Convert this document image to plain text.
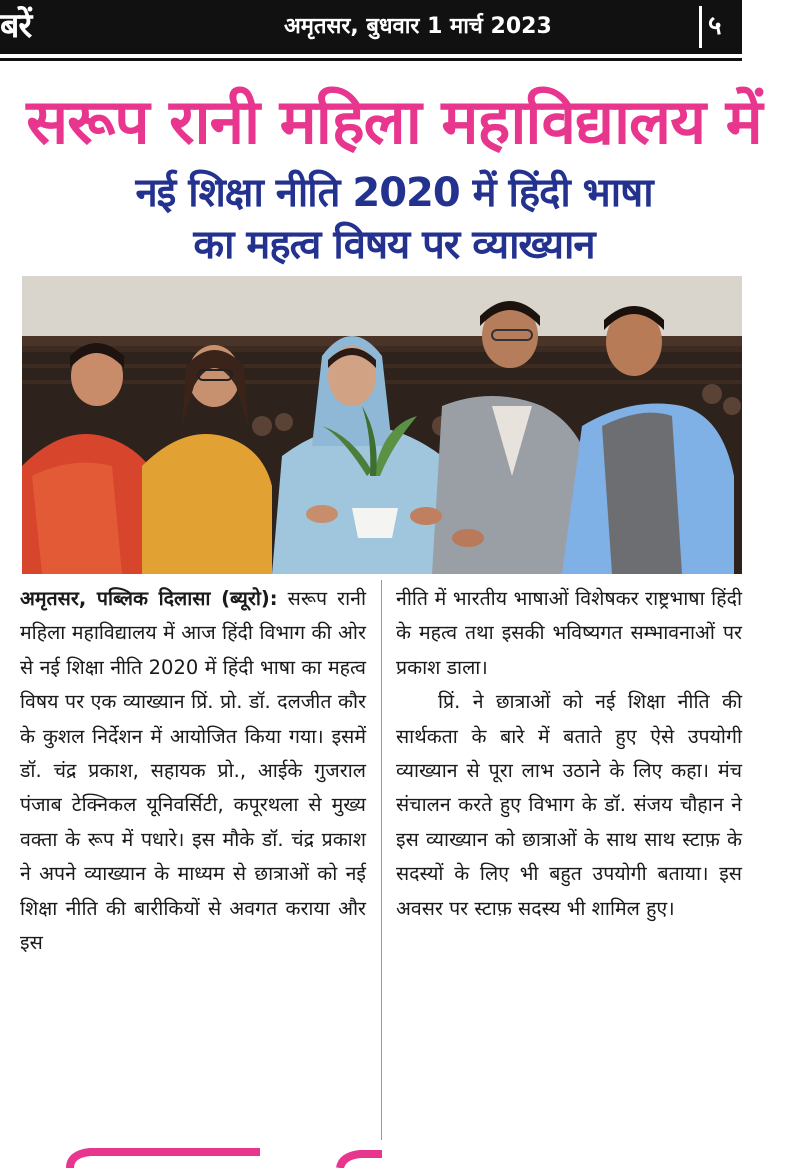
बरें	अमृतसर, बुधवार 1 मार्च 2023	५
सरूप रानी महिला महाविद्यालय में
नई शिक्षा नीति 2020 में हिंदी भाषा
का महत्व विषय पर व्याख्यान

अमृतसर, पब्लिक दिलासा (ब्यूरो): सरूप रानी महिला महाविद्यालय में आज हिंदी विभाग की ओर से नई शिक्षा नीति 2020 में हिंदी भाषा का महत्व विषय पर एक व्याख्यान प्रिं. प्रो. डॉ. दलजीत कौर के कुशल निर्देशन में आयोजित किया गया। इसमें डॉ. चंद्र प्रकाश, सहायक प्रो., आईके गुजराल पंजाब टेक्निकल यूनिवर्सिटी, कपूरथला से मुख्य वक्ता के रूप में पधारे। इस मौके डॉ. चंद्र प्रकाश ने अपने व्याख्यान के माध्यम से छात्राओं को नई शिक्षा नीति की बारीकियों से अवगत कराया और इस

नीति में भारतीय भाषाओं विशेषकर राष्ट्रभाषा हिंदी के महत्व तथा इसकी भविष्यगत सम्भावनाओं पर प्रकाश डाला।

प्रिं. ने छात्राओं को नई शिक्षा नीति की सार्थकता के बारे में बताते हुए ऐसे उपयोगी व्याख्यान से पूरा लाभ उठाने के लिए कहा। मंच संचालन करते हुए विभाग के डॉ. संजय चौहान ने इस व्याख्यान को छात्राओं के साथ साथ स्टाफ़ के सदस्यों के लिए भी बहुत उपयोगी बताया। इस अवसर पर स्टाफ़ सदस्य भी शामिल हुए।
